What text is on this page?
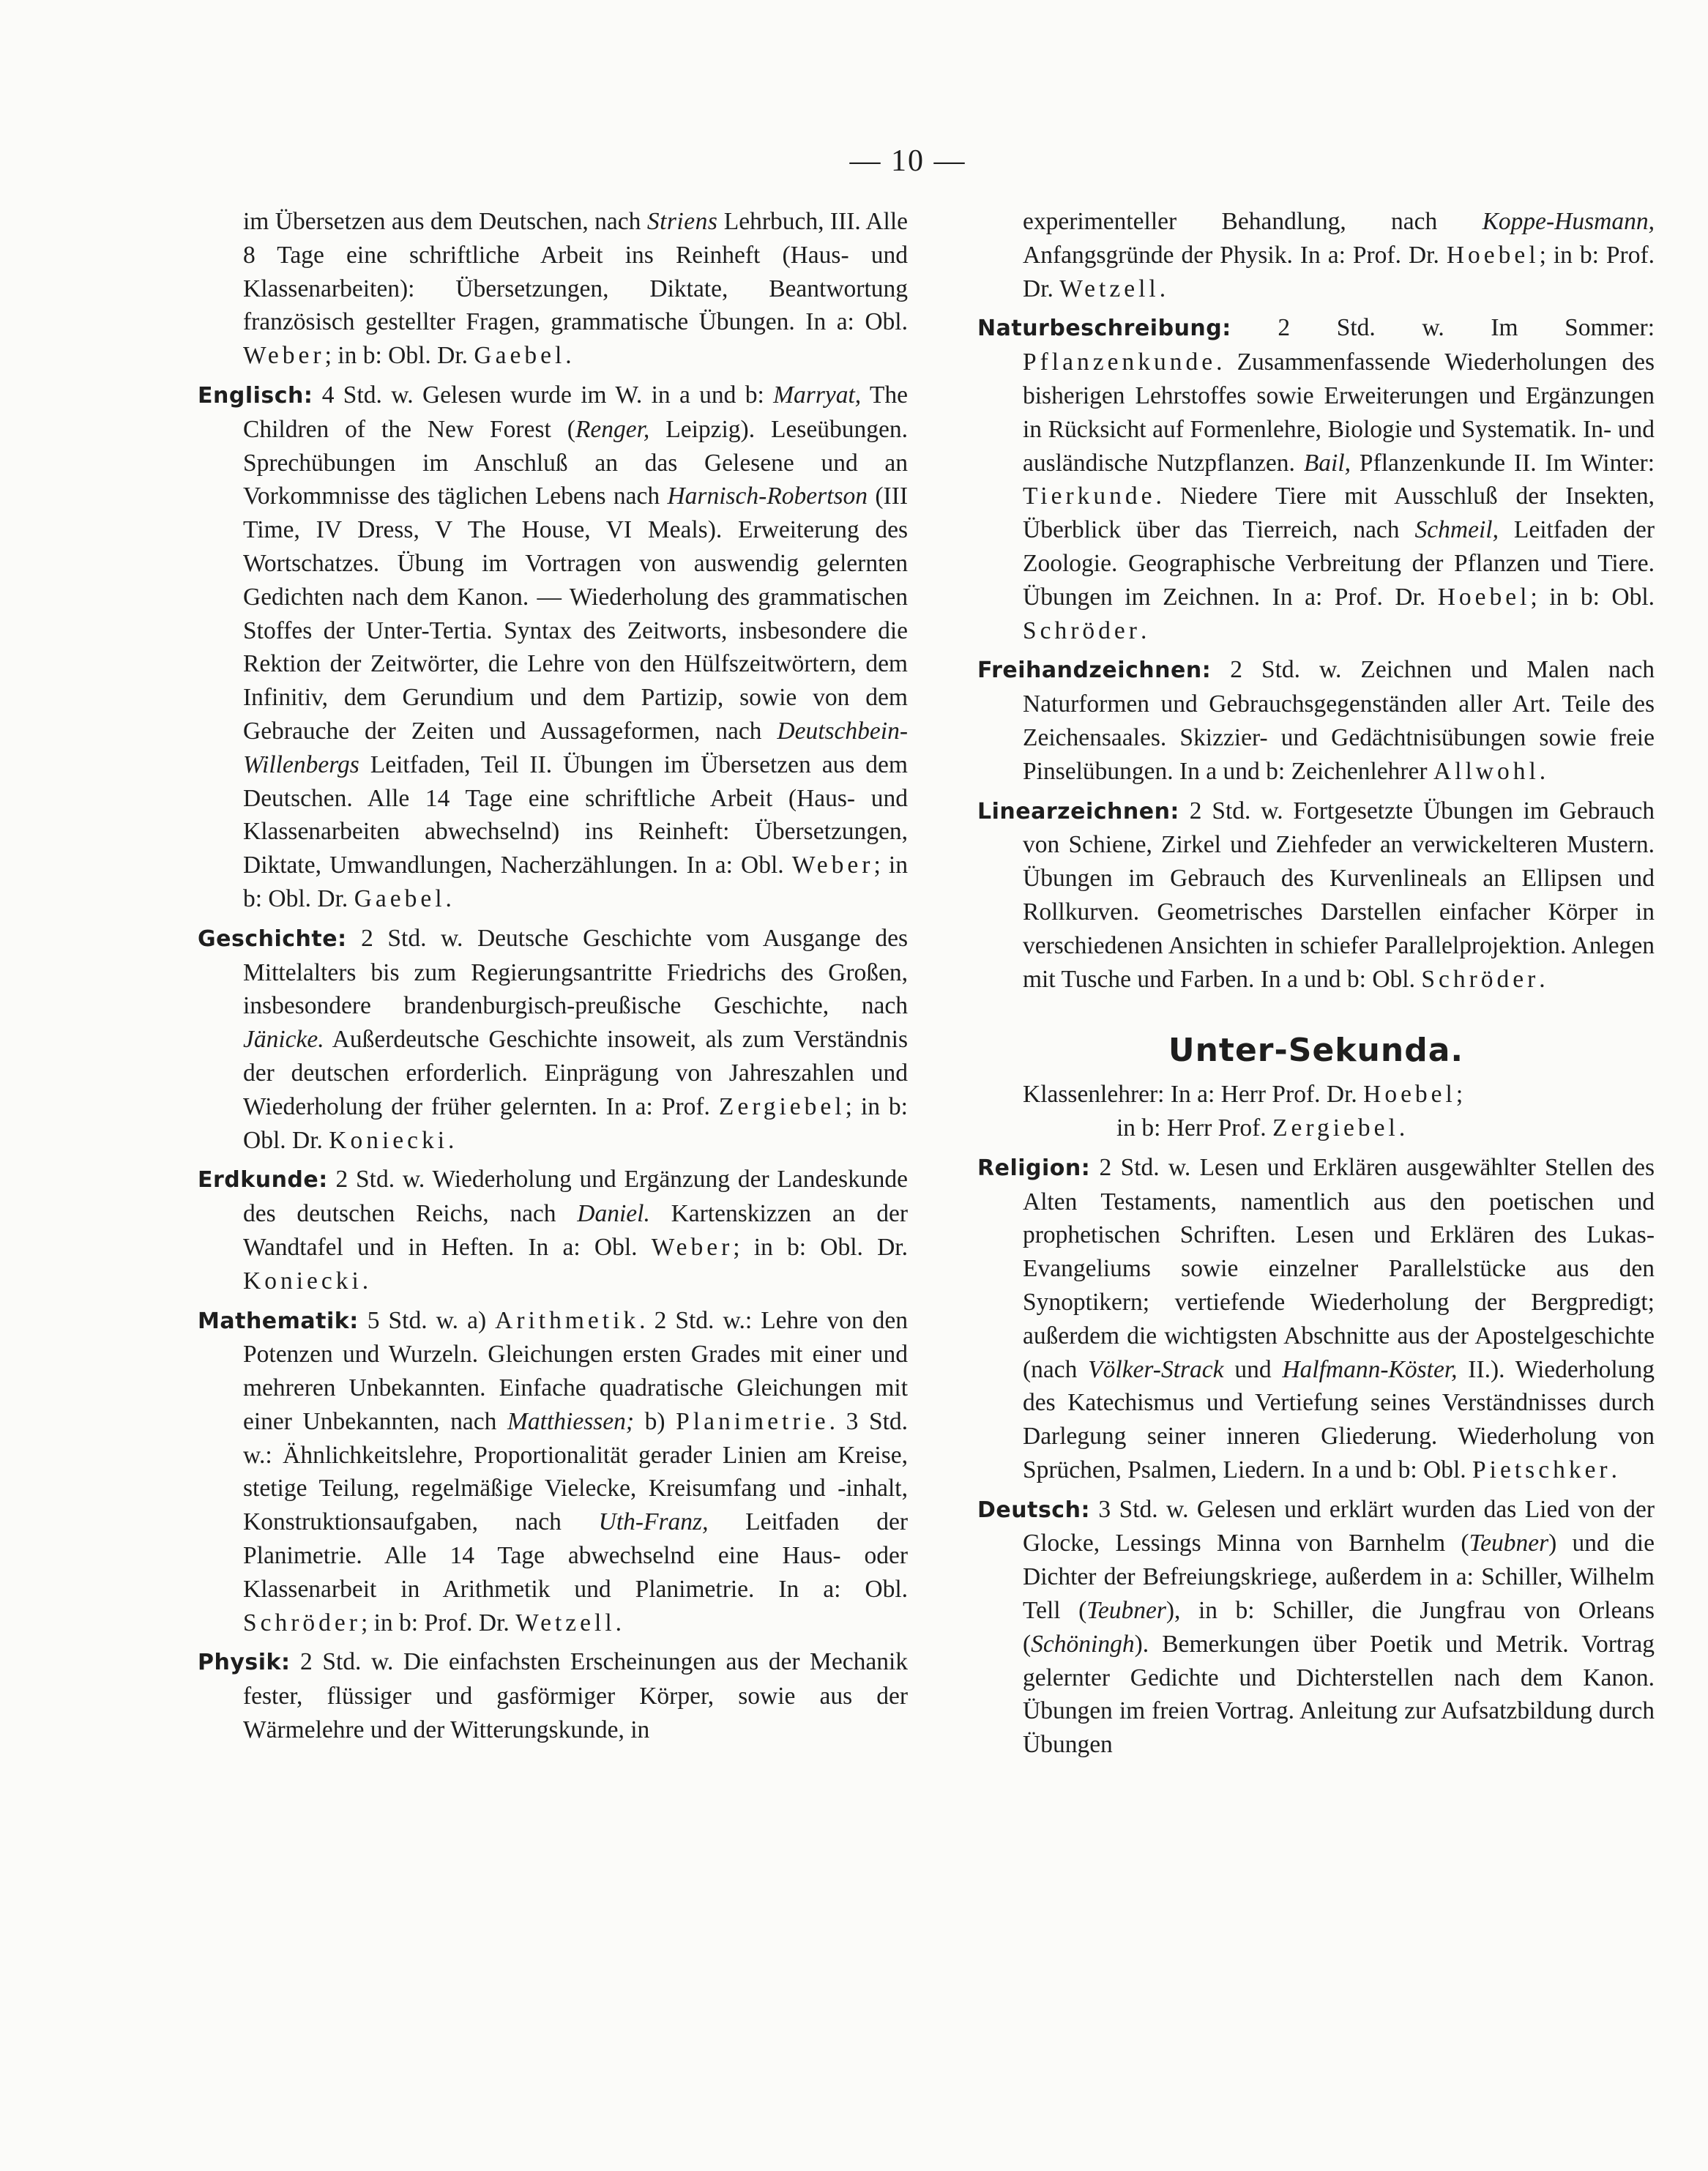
— 10 —

im Übersetzen aus dem Deutschen, nach Striens Lehrbuch, III. Alle 8 Tage eine schriftliche Arbeit ins Reinheft (Haus- und Klassenarbeiten): Übersetzungen, Diktate, Beantwortung französisch gestellter Fragen, grammatische Übungen. In a: Obl. Weber; in b: Obl. Dr. Gaebel.

Englisch: 4 Std. w. Gelesen wurde im W. in a und b: Marryat, The Children of the New Forest (Renger, Leipzig). Leseübungen. Sprechübungen im Anschluß an das Gelesene und an Vorkommnisse des täglichen Lebens nach Harnisch-Robertson (III Time, IV Dress, V The House, VI Meals). Erweiterung des Wortschatzes. Übung im Vortragen von auswendig gelernten Gedichten nach dem Kanon. — Wiederholung des grammatischen Stoffes der Unter-Tertia. Syntax des Zeitworts, insbesondere die Rektion der Zeitwörter, die Lehre von den Hülfszeitwörtern, dem Infinitiv, dem Gerundium und dem Partizip, sowie von dem Gebrauche der Zeiten und Aussageformen, nach Deutschbein-Willenbergs Leitfaden, Teil II. Übungen im Übersetzen aus dem Deutschen. Alle 14 Tage eine schriftliche Arbeit (Haus- und Klassenarbeiten abwechselnd) ins Reinheft: Übersetzungen, Diktate, Umwandlungen, Nacherzählungen. In a: Obl. Weber; in b: Obl. Dr. Gaebel.

Geschichte: 2 Std. w. Deutsche Geschichte vom Ausgange des Mittelalters bis zum Regierungsantritte Friedrichs des Großen, insbesondere brandenburgisch-preußische Geschichte, nach Jänicke. Außerdeutsche Geschichte insoweit, als zum Verständnis der deutschen erforderlich. Einprägung von Jahreszahlen und Wiederholung der früher gelernten. In a: Prof. Zergiebel; in b: Obl. Dr. Koniecki.

Erdkunde: 2 Std. w. Wiederholung und Ergänzung der Landeskunde des deutschen Reichs, nach Daniel. Kartenskizzen an der Wandtafel und in Heften. In a: Obl. Weber; in b: Obl. Dr. Koniecki.

Mathematik: 5 Std. w. a) Arithmetik. 2 Std. w.: Lehre von den Potenzen und Wurzeln. Gleichungen ersten Grades mit einer und mehreren Unbekannten. Einfache quadratische Gleichungen mit einer Unbekannten, nach Matthiessen; b) Planimetrie. 3 Std. w.: Ähnlichkeitslehre, Proportionalität gerader Linien am Kreise, stetige Teilung, regelmäßige Vielecke, Kreisumfang und -inhalt, Konstruktionsaufgaben, nach Uth-Franz, Leitfaden der Planimetrie. Alle 14 Tage abwechselnd eine Haus- oder Klassenarbeit in Arithmetik und Planimetrie. In a: Obl. Schröder; in b: Prof. Dr. Wetzell.

Physik: 2 Std. w. Die einfachsten Erscheinungen aus der Mechanik fester, flüssiger und gasförmiger Körper, sowie aus der Wärmelehre und der Witterungskunde, in

experimenteller Behandlung, nach Koppe-Husmann, Anfangsgründe der Physik. In a: Prof. Dr. Hoebel; in b: Prof. Dr. Wetzell.

Naturbeschreibung: 2 Std. w. Im Sommer: Pflanzenkunde. Zusammenfassende Wiederholungen des bisherigen Lehrstoffes sowie Erweiterungen und Ergänzungen in Rücksicht auf Formenlehre, Biologie und Systematik. In- und ausländische Nutzpflanzen. Bail, Pflanzenkunde II. Im Winter: Tierkunde. Niedere Tiere mit Ausschluß der Insekten, Überblick über das Tierreich, nach Schmeil, Leitfaden der Zoologie. Geographische Verbreitung der Pflanzen und Tiere. Übungen im Zeichnen. In a: Prof. Dr. Hoebel; in b: Obl. Schröder.

Freihandzeichnen: 2 Std. w. Zeichnen und Malen nach Naturformen und Gebrauchsgegenständen aller Art. Teile des Zeichensaales. Skizzier- und Gedächtnisübungen sowie freie Pinselübungen. In a und b: Zeichenlehrer Allwohl.

Linearzeichnen: 2 Std. w. Fortgesetzte Übungen im Gebrauch von Schiene, Zirkel und Ziehfeder an verwickelteren Mustern. Übungen im Gebrauch des Kurvenlineals an Ellipsen und Rollkurven. Geometrisches Darstellen einfacher Körper in verschiedenen Ansichten in schiefer Parallelprojektion. Anlegen mit Tusche und Farben. In a und b: Obl. Schröder.

Unter-Sekunda.
Klassenlehrer: In a: Herr Prof. Dr. Hoebel;
in b: Herr Prof. Zergiebel.

Religion: 2 Std. w. Lesen und Erklären ausgewählter Stellen des Alten Testaments, namentlich aus den poetischen und prophetischen Schriften. Lesen und Erklären des Lukas-Evangeliums sowie einzelner Parallelstücke aus den Synoptikern; vertiefende Wiederholung der Bergpredigt; außerdem die wichtigsten Abschnitte aus der Apostelgeschichte (nach Völker-Strack und Halfmann-Köster, II.). Wiederholung des Katechismus und Vertiefung seines Verständnisses durch Darlegung seiner inneren Gliederung. Wiederholung von Sprüchen, Psalmen, Liedern. In a und b: Obl. Pietschker.

Deutsch: 3 Std. w. Gelesen und erklärt wurden das Lied von der Glocke, Lessings Minna von Barnhelm (Teubner) und die Dichter der Befreiungskriege, außerdem in a: Schiller, Wilhelm Tell (Teubner), in b: Schiller, die Jungfrau von Orleans (Schöningh). Bemerkungen über Poetik und Metrik. Vortrag gelernter Gedichte und Dichterstellen nach dem Kanon. Übungen im freien Vortrag. Anleitung zur Aufsatzbildung durch Übungen
